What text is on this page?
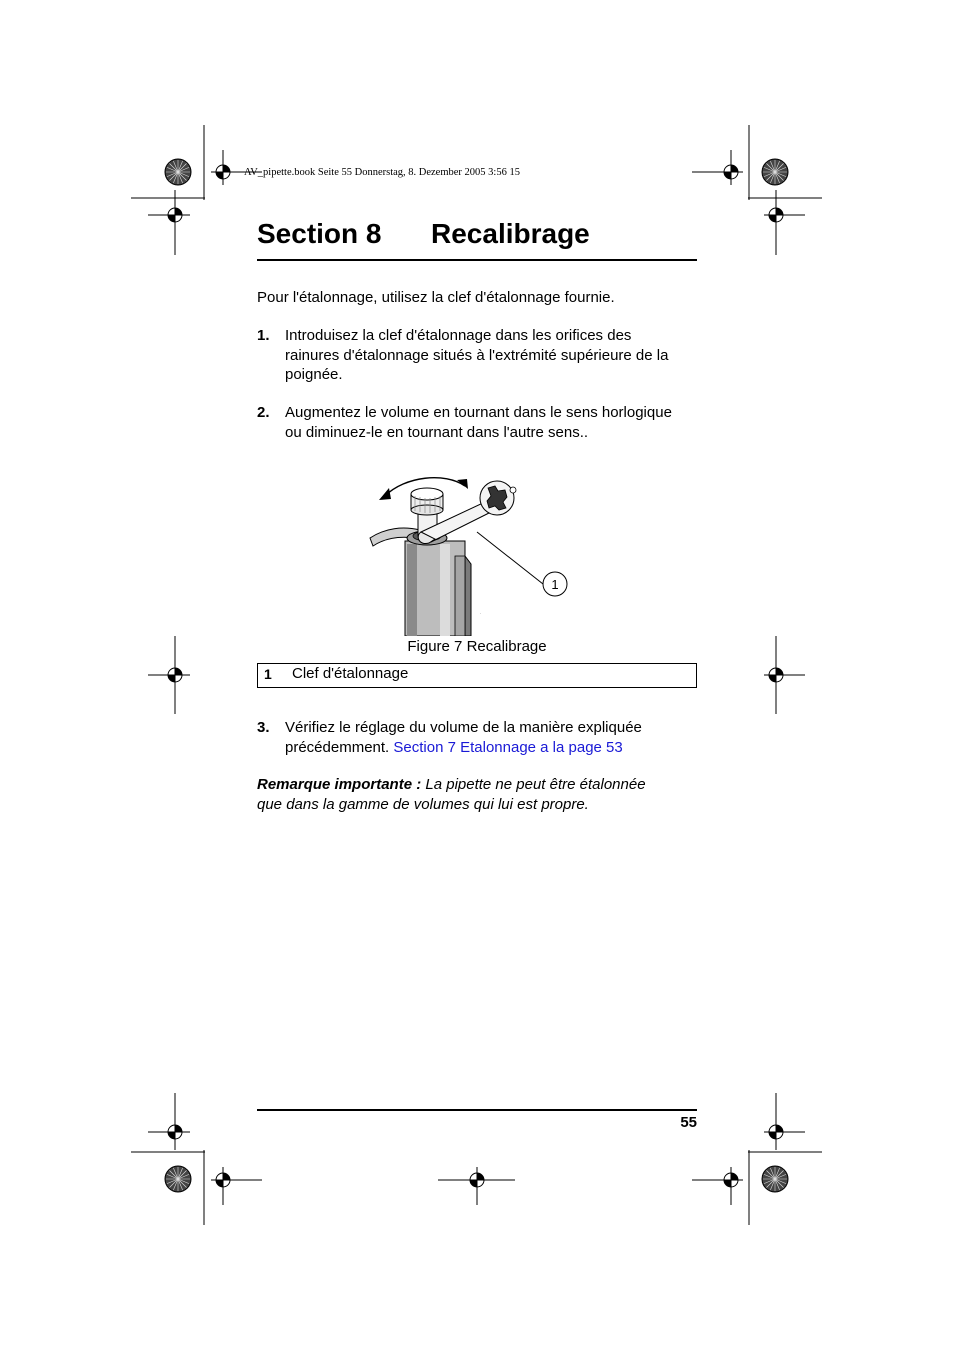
AV_pipette.book Seite 55 Donnerstag, 8. Dezember 2005 3:56 15
Section 8 Recalibrage
Pour l'étalonnage, utilisez la clef d'étalonnage fournie.
1. Introduisez la clef d'étalonnage dans les orifices des
rainures d'étalonnage situés à l'extrémité supérieure de la
poignée.
2. Augmentez le volume en tournant dans le sens horlogique
ou diminuez-le en tournant dans l'autre sens..
1
.
Figure 7 Recalibrage
1 Clef d'étalonnage
3. Vérifiez le réglage du volume de la manière expliquée
précédemment. Section 7 Etalonnage a la page 53
Remarque importante : La pipette ne peut être étalonnée
que dans la gamme de volumes qui lui est propre.
55
